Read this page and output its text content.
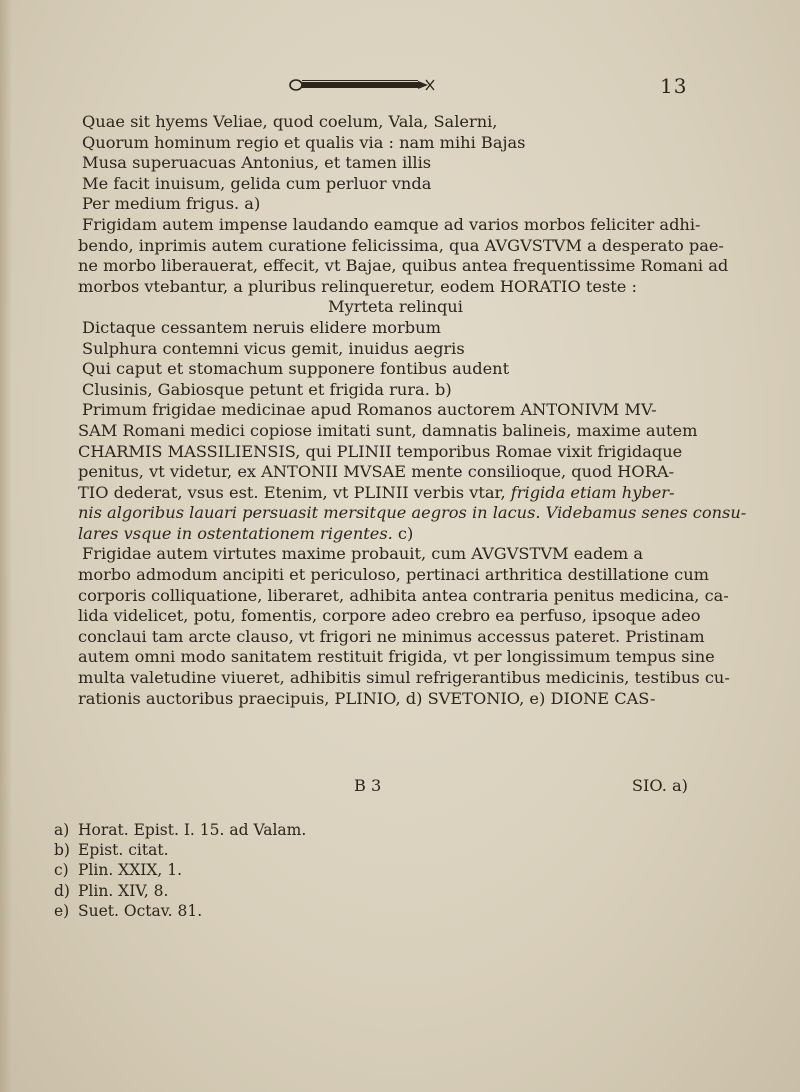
13
Quae sit hyems Veliae, quod coelum, Vala, Salerni,
Quorum hominum regio et qualis via : nam mihi Bajas
Musa superuacuas Antonius, et tamen illis
Me facit inuisum, gelida cum perluor vnda
Per medium frigus. a)
Frigidam autem impense laudando eamque ad varios morbos feliciter adhi-
bendo, inprimis autem curatione felicissima, qua AVGVSTVM a desperato pae-
ne morbo liberauerat, effecit, vt Bajae, quibus antea frequentissime Romani ad
morbos vtebantur, a pluribus relinqueretur, eodem HORATIO teste :
Myrteta relinqui
Dictaque cessantem neruis elidere morbum
Sulphura contemni vicus gemit, inuidus aegris
Qui caput et stomachum supponere fontibus audent
Clusinis, Gabiosque petunt et frigida rura. b)
Primum frigidae medicinae apud Romanos auctorem ANTONIVM MV-
SAM Romani medici copiose imitati sunt, damnatis balineis, maxime autem
CHARMIS MASSILIENSIS, qui PLINII temporibus Romae vixit frigidaque
penitus, vt videtur, ex ANTONII MVSAE mente consilioque, quod HORA-
TIO dederat, vsus est. Etenim, vt PLINII verbis vtar, frigida etiam hyber-
nis algoribus lauari persuasit mersitque aegros in lacus. Videbamus senes consu-
lares vsque in ostentationem rigentes. c)
Frigidae autem virtutes maxime probauit, cum AVGVSTVM eadem a
morbo admodum ancipiti et periculoso, pertinaci arthritica destillatione cum
corporis colliquatione, liberaret, adhibita antea contraria penitus medicina, ca-
lida videlicet, potu, fomentis, corpore adeo crebro ea perfuso, ipsoque adeo
conclaui tam arcte clauso, vt frigori ne minimus accessus pateret. Pristinam
autem omni modo sanitatem restituit frigida, vt per longissimum tempus sine
multa valetudine viueret, adhibitis simul refrigerantibus medicinis, testibus cu-
rationis auctoribus praecipuis, PLINIO, d) SVETONIO, e) DIONE CAS-
B 3	SIO. a)
a) Horat. Epist. I. 15. ad Valam.
b) Epist. citat.
c) Plin. XXIX, 1.
d) Plin. XIV, 8.
e) Suet. Octav. 81.
